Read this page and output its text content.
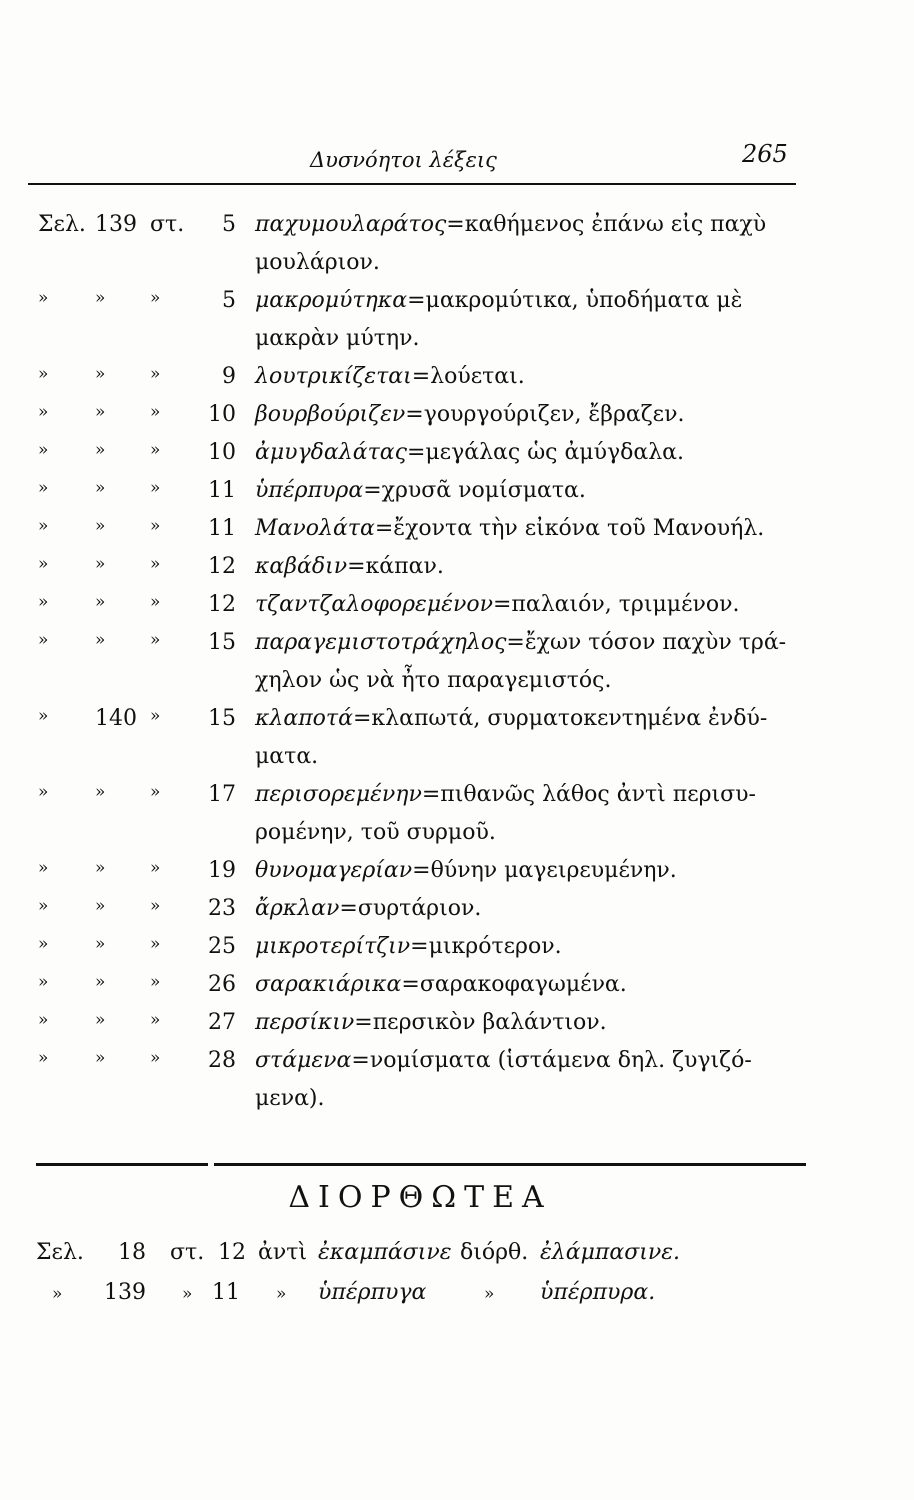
Δυσνόητοι λέξεις	265
Σελ. 139 στ.	5 παχυμουλαράτος=καθήμενος ἐπάνω εἰς παχὺ
μουλάριον.
»	»	»	5 μακρομύτηκα=μακρομύτικα, ὑποδήματα μὲ
μακρὰν μύτην.
»	»	»	9 λουτρικίζεται=λούεται.
»	»	»	10 βουρβούριζεν=γουργούριζεν, ἔβραζεν.
»	»	»	10 ἀμυγδαλάτας=μεγάλας ὡς ἀμύγδαλα.
»	»	»	11 ὑπέρπυρα=χρυσᾶ νομίσματα.
»	»	»	11 Μανολάτα=ἔχοντα τὴν εἰκόνα τοῦ Μανουήλ.
»	»	»	12 καβάδιν=κάπαν.
»	»	»	12 τζαντζαλοφορεμένον=παλαιόν, τριμμένον.
»	»	»	15 παραγεμιστοτράχηλος=ἔχων τόσον παχὺν τρά-
χηλον ὡς νὰ ἦτο παραγεμιστός.
»	140 »	15 κλαποτά=κλαπωτά, συρματοκεντημένα ἐνδύ-
ματα.
»	»	»	17 περισορεμένην=πιθανῶς λάθος ἀντὶ περισυ-
ρομένην, τοῦ συρμοῦ.
»	»	»	19 θυνομαγερίαν=θύνην μαγειρευμένην.
»	»	»	23 ἄρκλαν=συρτάριον.
»	»	»	25 μικροτερίτζιν=μικρότερον.
»	»	»	26 σαρακιάρικα=σαρακοφαγωμένα.
»	»	»	27 περσίκιν=περσικὸν βαλάντιον.
»	»	»	28 στάμενα=νομίσματα (ἱστάμενα δηλ. ζυγιζό-
μενα).
ΔΙΟΡΘΩΤΕΑ
Σελ. 18 στ. 12 ἀντὶ ἐκαμπάσινε διόρθ. ἐλάμπασινε.
» 139 » 11 » ὑπέρπυγα	» ὑπέρπυρα.
